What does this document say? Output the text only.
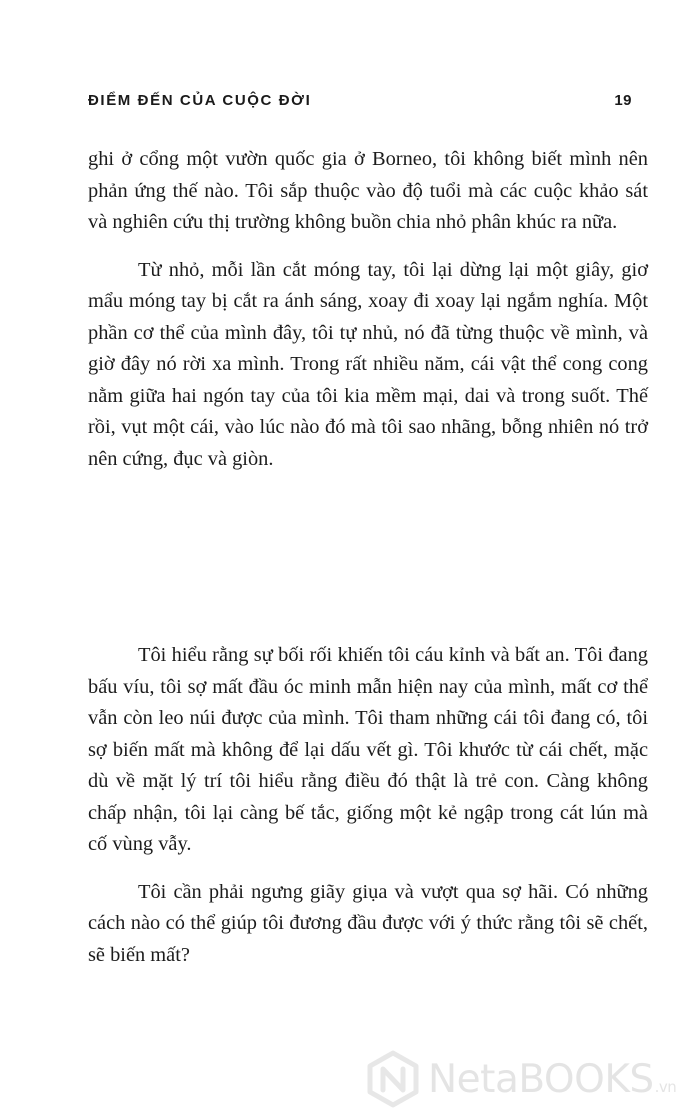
ĐIỂM ĐẾN CỦA CUỘC ĐỜI	19

ghi ở cổng một vườn quốc gia ở Borneo, tôi không biết mình nên phản ứng thế nào. Tôi sắp thuộc vào độ tuổi mà các cuộc khảo sát và nghiên cứu thị trường không buồn chia nhỏ phân khúc ra nữa.

Từ nhỏ, mỗi lần cắt móng tay, tôi lại dừng lại một giây, giơ mẩu móng tay bị cắt ra ánh sáng, xoay đi xoay lại ngắm nghía. Một phần cơ thể của mình đây, tôi tự nhủ, nó đã từng thuộc về mình, và giờ đây nó rời xa mình. Trong rất nhiều năm, cái vật thể cong cong nằm giữa hai ngón tay của tôi kia mềm mại, dai và trong suốt. Thế rồi, vụt một cái, vào lúc nào đó mà tôi sao nhãng, bỗng nhiên nó trở nên cứng, đục và giòn.

Tôi hiểu rằng sự bối rối khiến tôi cáu kỉnh và bất an. Tôi đang bấu víu, tôi sợ mất đầu óc minh mẫn hiện nay của mình, mất cơ thể vẫn còn leo núi được của mình. Tôi tham những cái tôi đang có, tôi sợ biến mất mà không để lại dấu vết gì. Tôi khước từ cái chết, mặc dù về mặt lý trí tôi hiểu rằng điều đó thật là trẻ con. Càng không chấp nhận, tôi lại càng bế tắc, giống một kẻ ngập trong cát lún mà cố vùng vẫy.

Tôi cần phải ngưng giãy giụa và vượt qua sợ hãi. Có những cách nào có thể giúp tôi đương đầu được với ý thức rằng tôi sẽ chết, sẽ biến mất?

NetaBOOKS .vn
